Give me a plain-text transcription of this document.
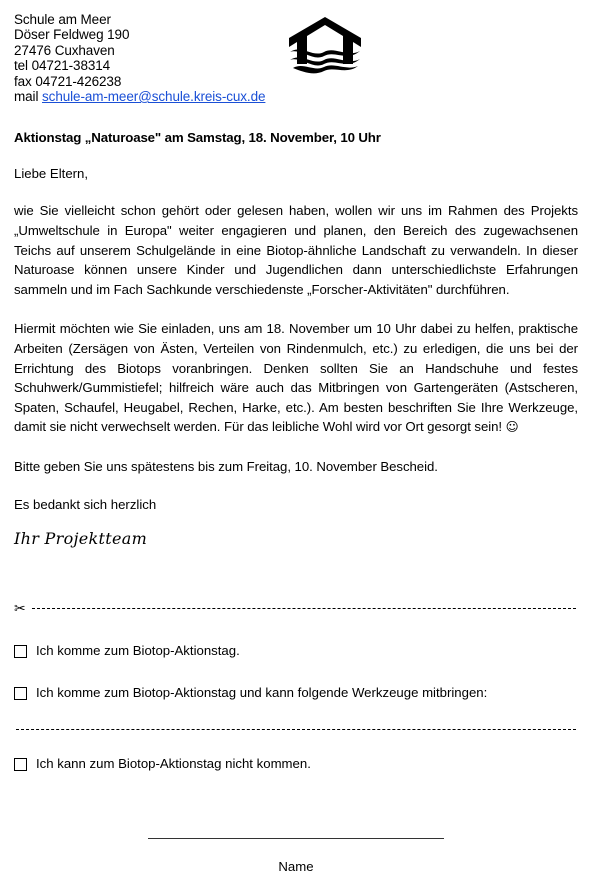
Schule am Meer
Döser Feldweg 190
27476 Cuxhaven
tel 04721-38314
fax 04721-426238
mail schule-am-meer@schule.kreis-cux.de
Aktionstag „Naturoase" am Samstag, 18. November, 10 Uhr
Liebe Eltern,

wie Sie vielleicht schon gehört oder gelesen haben, wollen wir uns im Rahmen des Projekts „Umweltschule in Europa" weiter engagieren und planen, den Bereich des zugewachsenen Teichs auf unserem Schulgelände in eine Biotop-ähnliche Landschaft zu verwandeln. In dieser Naturoase können unsere Kinder und Jugendlichen dann unterschiedlichste Erfahrungen sammeln und im Fach Sachkunde verschiedenste „Forscher-Aktivitäten" durchführen.

Hiermit möchten wie Sie einladen, uns am 18. November um 10 Uhr dabei zu helfen, praktische Arbeiten (Zersägen von Ästen, Verteilen von Rindenmulch, etc.) zu erledigen, die uns bei der Errichtung des Biotops voranbringen. Denken sollten Sie an Handschuhe und festes Schuhwerk/Gummistiefel; hilfreich wäre auch das Mitbringen von Gartengeräten (Astscheren, Spaten, Schaufel, Heugabel, Rechen, Harke, etc.). Am besten beschriften Sie Ihre Werkzeuge, damit sie nicht verwechselt werden. Für das leibliche Wohl wird vor Ort gesorgt sein! ☺

Bitte geben Sie uns spätestens bis zum Freitag, 10. November Bescheid.

Es bedankt sich herzlich
Ihr Projektteam
✂
Ich komme zum Biotop-Aktionstag.
Ich komme zum Biotop-Aktionstag und kann folgende Werkzeuge mitbringen:
Ich kann zum Biotop-Aktionstag nicht kommen.
Name
